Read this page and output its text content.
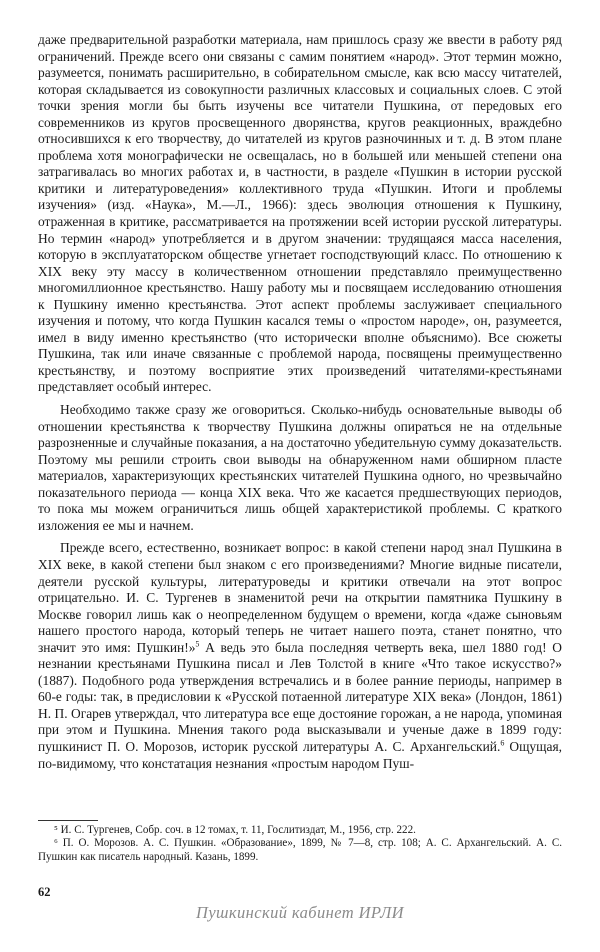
даже предварительной разработки материала, нам пришлось сразу же ввести в работу ряд ограничений. Прежде всего они связаны с самим понятием «народ». Этот термин можно, разумеется, понимать расширительно, в собирательном смысле, как всю массу читателей, которая складывается из совокупности различных классовых и социальных слоев. С этой точки зрения могли бы быть изучены все читатели Пушкина, от передовых его современников из кругов просвещенного дворянства, кругов реакционных, враждебно относившихся к его творчеству, до читателей из кругов разночинных и т. д. В этом плане проблема хотя монографически не освещалась, но в большей или меньшей степени она затрагивалась во многих работах и, в частности, в разделе «Пушкин в истории русской критики и литературоведения» коллективного труда «Пушкин. Итоги и проблемы изучения» (изд. «Наука», М.—Л., 1966): здесь эволюция отношения к Пушкину, отраженная в критике, рассматривается на протяжении всей истории русской литературы. Но термин «народ» употребляется и в другом значении: трудящаяся масса населения, которую в эксплуататорском обществе угнетает господствующий класс. По отношению к XIX веку эту массу в количественном отношении представляло преимущественно многомиллионное крестьянство. Нашу работу мы и посвящаем исследованию отношения к Пушкину именно крестьянства. Этот аспект проблемы заслуживает специального изучения и потому, что когда Пушкин касался темы о «простом народе», он, разумеется, имел в виду именно крестьянство (что исторически вполне объяснимо). Все сюжеты Пушкина, так или иначе связанные с проблемой народа, посвящены преимущественно крестьянству, и поэтому восприятие этих произведений читателями-крестьянами представляет особый интерес.

Необходимо также сразу же оговориться. Сколько-нибудь основательные выводы об отношении крестьянства к творчеству Пушкина должны опираться не на отдельные разрозненные и случайные показания, а на достаточно убедительную сумму доказательств. Поэтому мы решили строить свои выводы на обнаруженном нами обширном пласте материалов, характеризующих крестьянских читателей Пушкина одного, но чрезвычайно показательного периода — конца XIX века. Что же касается предшествующих периодов, то пока мы можем ограничиться лишь общей характеристикой проблемы. С краткого изложения ее мы и начнем.

Прежде всего, естественно, возникает вопрос: в какой степени народ знал Пушкина в XIX веке, в какой степени был знаком с его произведениями? Многие видные писатели, деятели русской культуры, литературоведы и критики отвечали на этот вопрос отрицательно. И. С. Тургенев в знаменитой речи на открытии памятника Пушкину в Москве говорил лишь как о неопределенном будущем о времени, когда «даже сыновьям нашего простого народа, который теперь не читает нашего поэта, станет понятно, что значит это имя: Пушкин!»$^5$ А ведь это была последняя четверть века, шел 1880 год! О незнании крестьянами Пушкина писал и Лев Толстой в книге «Что такое искусство?» (1887). Подобного рода утверждения встречались и в более ранние периоды, например в 60-е годы: так, в предисловии к «Русской потаенной литературе XIX века» (Лондон, 1861) Н. П. Огарев утверждал, что литература все еще достояние горожан, а не народа, упоминая при этом и Пушкина. Мнения такого рода высказывали и ученые даже в 1899 году: пушкинист П. О. Морозов, историк русской литературы А. С. Архангельский.$^6$ Ощущая, по-видимому, что констатация незнания «простым народом Пуш-

⁵ И. С. Тургенев, Собр. соч. в 12 томах, т. 11, Гослитиздат, М., 1956, стр. 222.

⁶ П. О. Морозов. А. С. Пушкин. «Образование», 1899, № 7—8, стр. 108; А. С. Архангельский. А. С. Пушкин как писатель народный. Казань, 1899.

62
Пушкинский кабинет ИРЛИ
